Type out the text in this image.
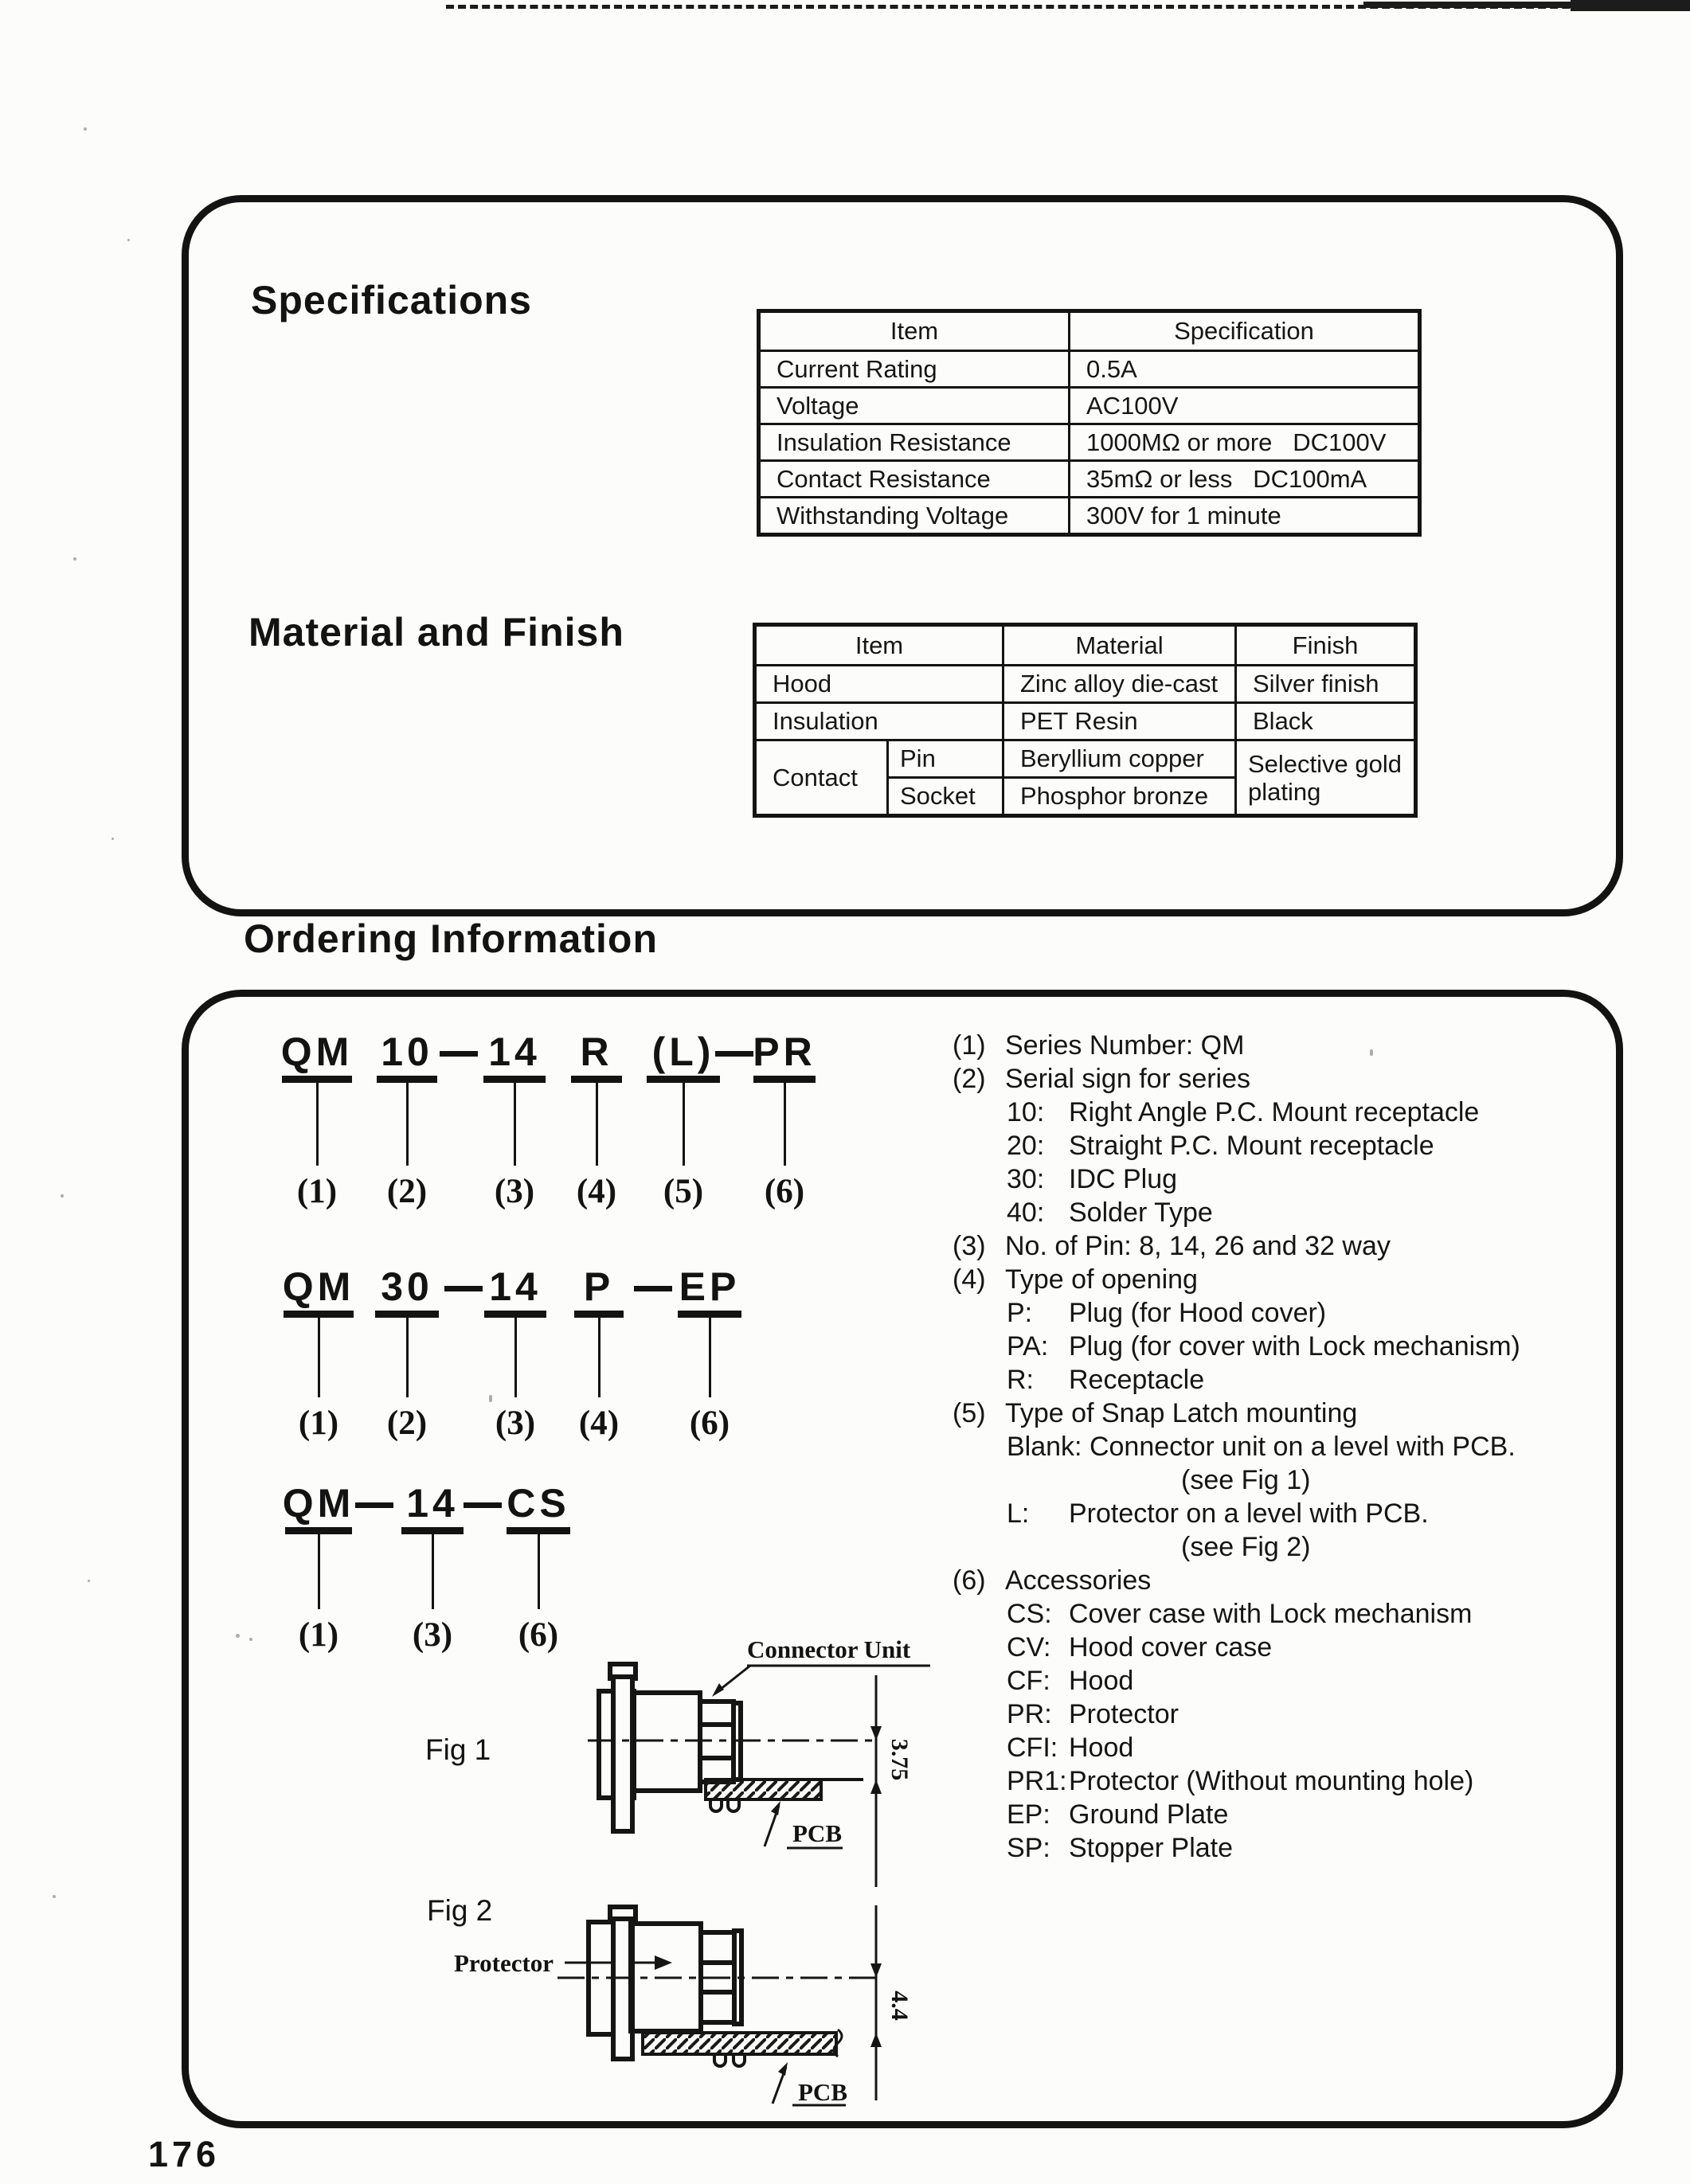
Specifications
Item	Specification
Current Rating	0.5A
Voltage	AC100V
Insulation Resistance	1000MΩ or more   DC100V
Contact Resistance	35mΩ or less   DC100mA
Withstanding Voltage	300V for 1 minute
Material and Finish	Item		Material	Finish
Hood		Zinc alloy die-cast	Silver finish
Insulation		PET Resin	Black
Contact	Pin	Beryllium copper	Selective gold plating
	Socket	Phosphor bronze	
Ordering Information
QM
(1)
10
(2)
14
(3)
R
(4)
(L)
(5)
PR
(6)
QM
(1)
30
(2)
14
(3)
P
(4)
EP
(6)
QM
(1)
14
(3)
CS
(6)
(1) Series Number: QM
(2) Serial sign for series
10: Right Angle P.C. Mount receptacle
20: Straight P.C. Mount receptacle
30: IDC Plug
40: Solder Type
(3) No. of Pin: 8, 14, 26 and 32 way
(4) Type of opening
P: Plug (for Hood cover)
PA: Plug (for cover with Lock mechanism)
R: Receptacle
(5) Type of Snap Latch mounting
Blank: Connector unit on a level with PCB.
(see Fig 1)
L: Protector on a level with PCB.
(see Fig 2)
(6) Accessories
CS: Cover case with Lock mechanism
CV: Hood cover case
CF: Hood
PR: Protector
CFI: Hood
PR1:Protector (Without mounting hole)
EP: Ground Plate
SP: Stopper Plate
Fig 1	3.75
Connector Unit
PCB
Fig 2
Protector
4.4
PCB
176
